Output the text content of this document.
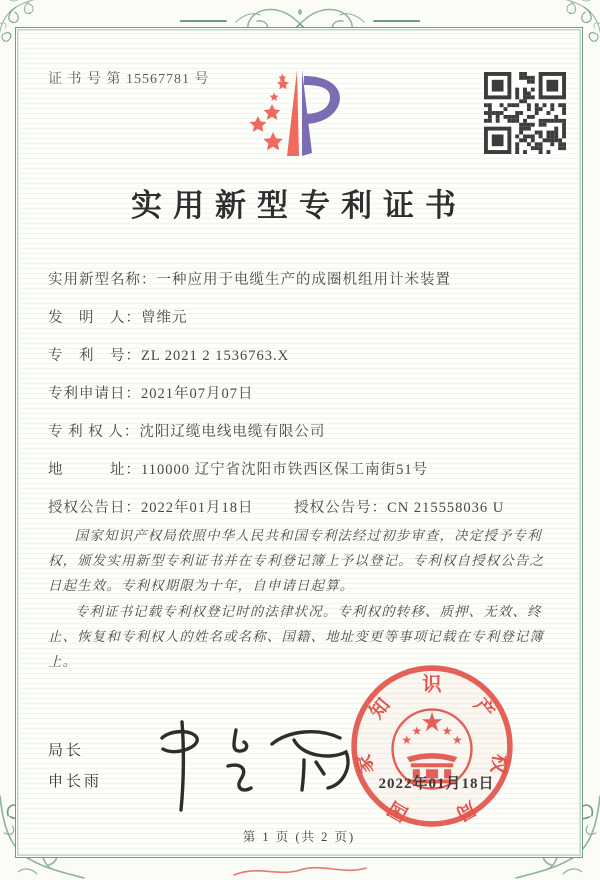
证 书 号 第 15567781 号
实用新型专利证书
实用新型名称：一种应用于电缆生产的成圈机组用计米装置
发　明　人：曾维元
专　利　号：ZL 2021 2 1536763.X
专利申请日：2021年07月07日
专 利 权 人：沈阳辽缆电线电缆有限公司
地　　　址：110000 辽宁省沈阳市铁西区保工南街51号
授权公告日：2022年01月18日	授权公告号：CN 215558036 U

国家知识产权局依照中华人民共和国专利法经过初步审查，决定授予专利权，颁发实用新型专利证书并在专利登记簿上予以登记。专利权自授权公告之日起生效。专利权期限为十年，自申请日起算。

专利证书记载专利权登记时的法律状况。专利权的转移、质押、无效、终止、恢复和专利权人的姓名或名称、国籍、地址变更等事项记载在专利登记簿上。

局长
申长雨
国
家
知
识
产
权
局
★
★
★ ★
★
2022年01月18日
第 1 页 (共 2 页)
